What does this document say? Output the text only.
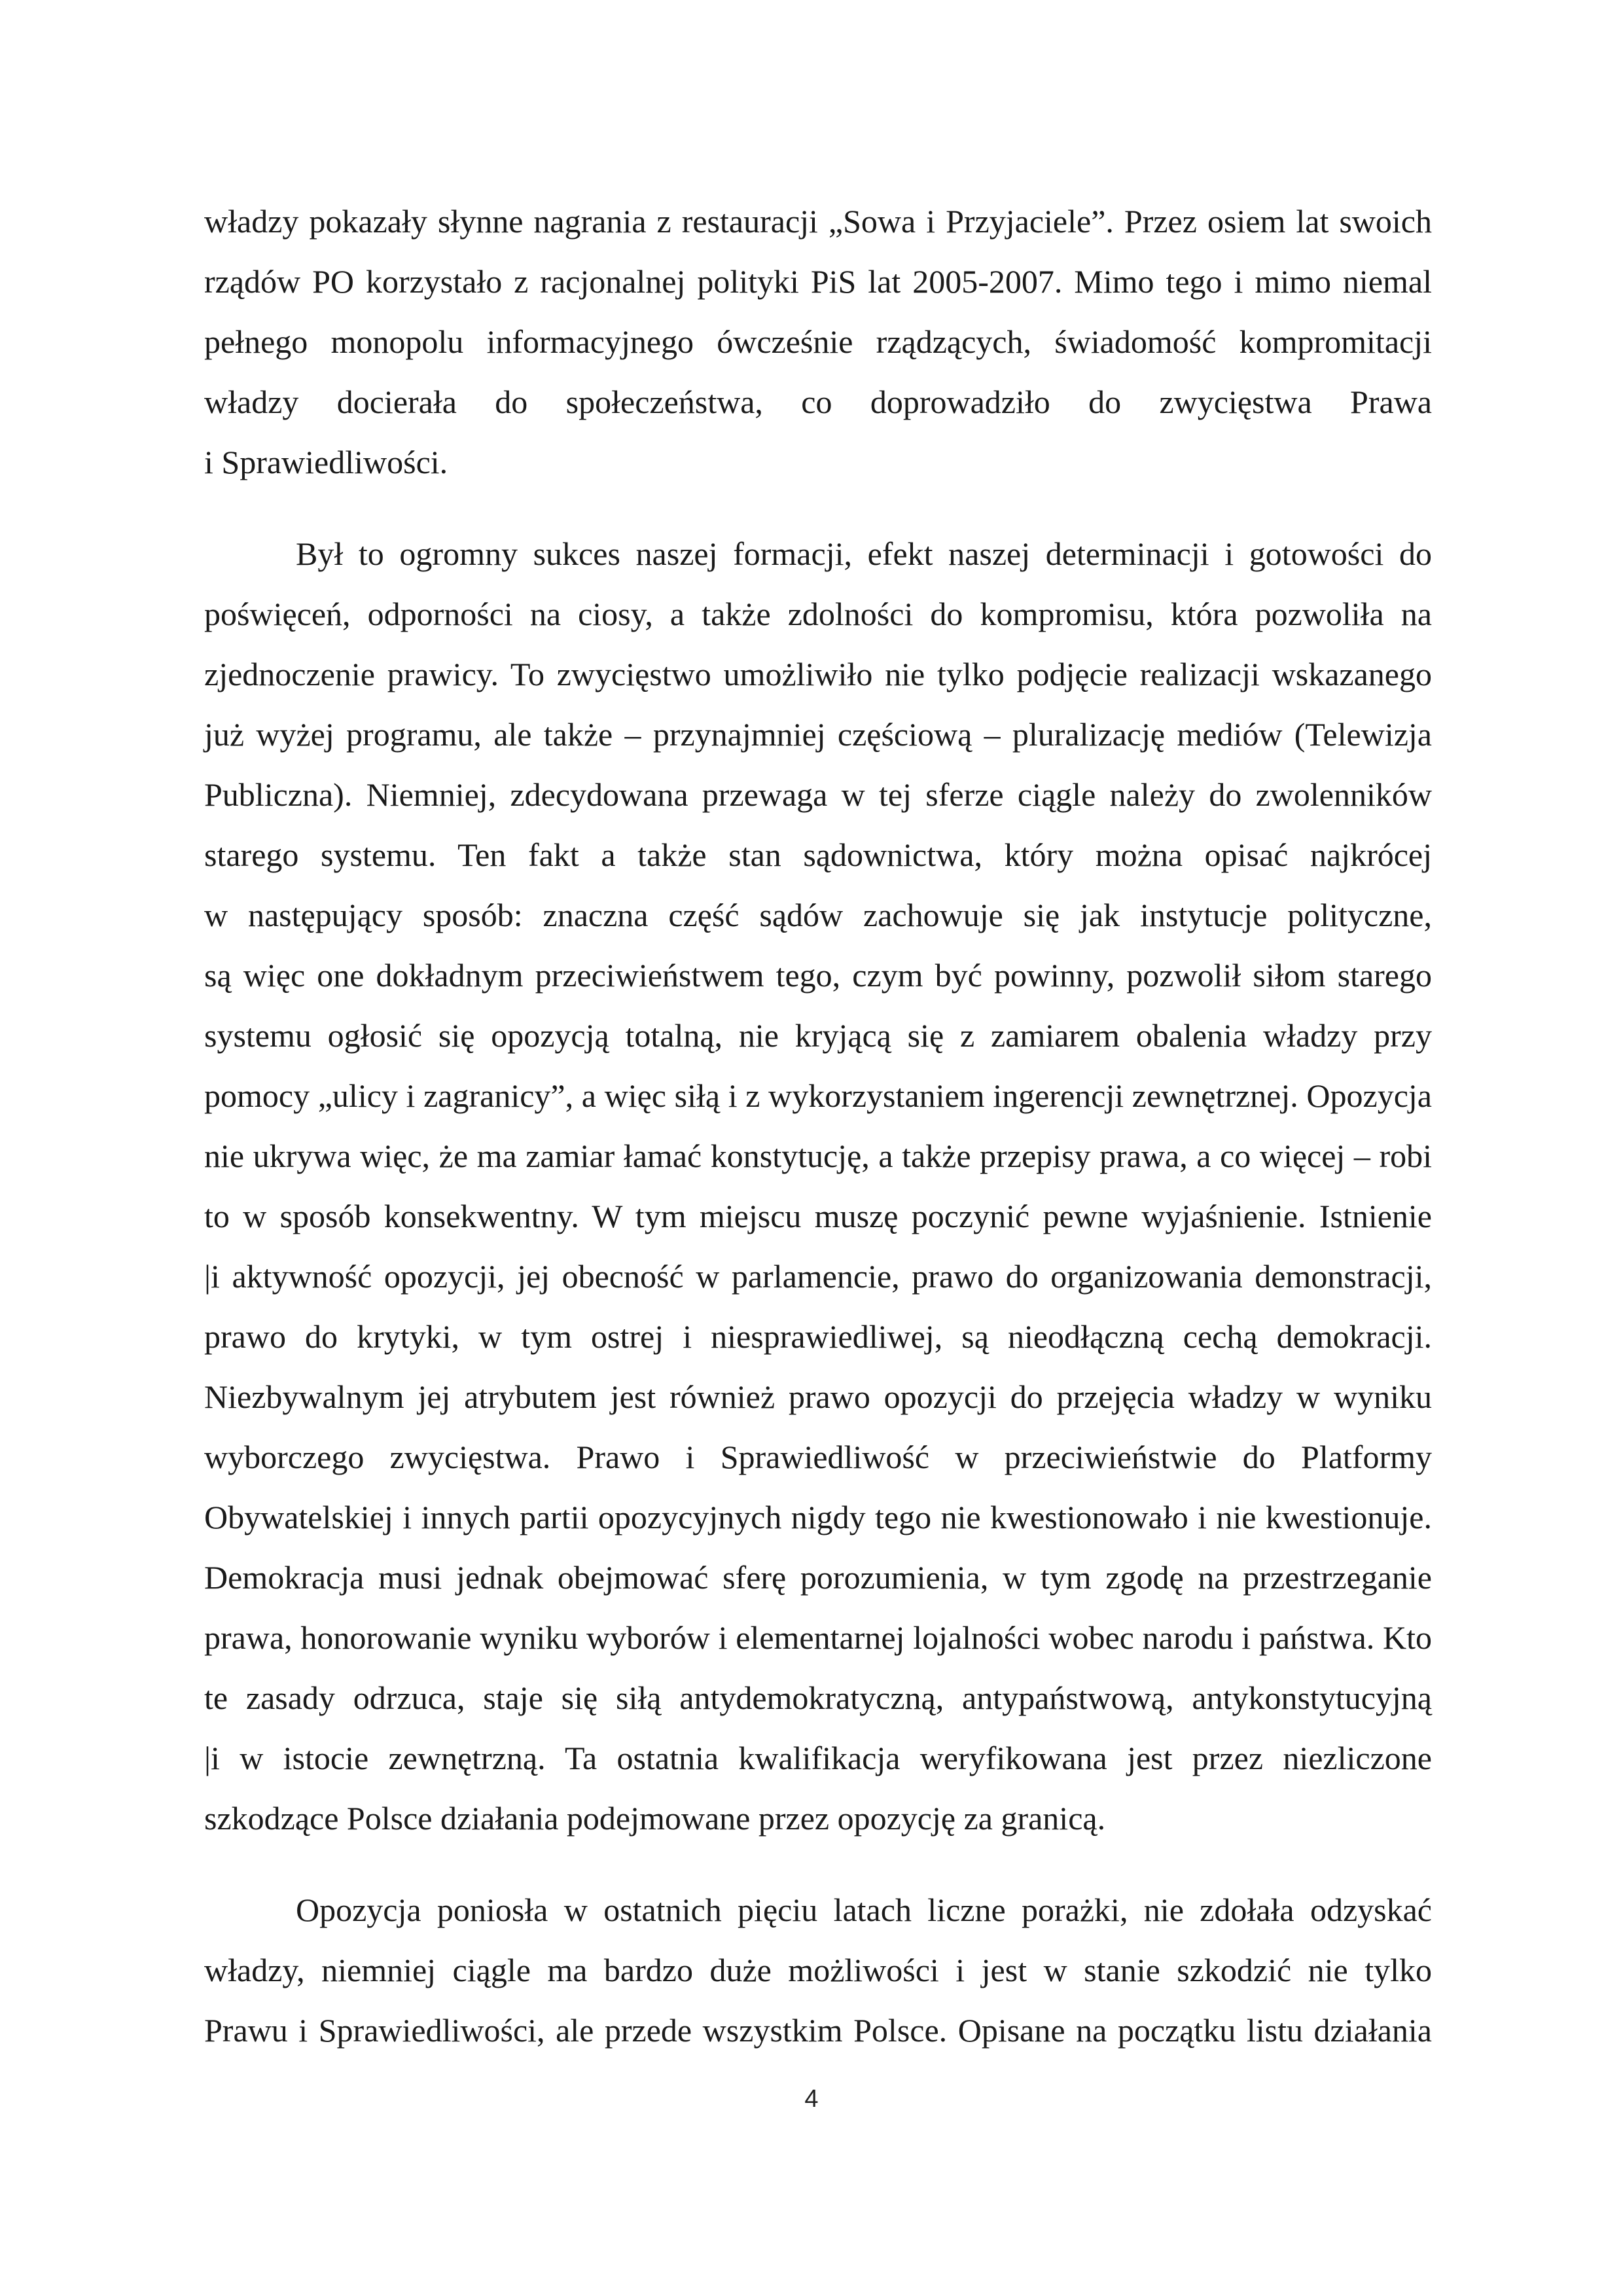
władzy pokazały słynne nagrania z restauracji „Sowa i Przyjaciele”. Przez osiem lat swoich
rządów PO korzystało z racjonalnej polityki PiS lat 2005-2007. Mimo tego i mimo niemal
pełnego monopolu informacyjnego ówcześnie rządzących, świadomość kompromitacji
władzy docierała do społeczeństwa, co doprowadziło do zwycięstwa Prawa
i Sprawiedliwości.
Był to ogromny sukces naszej formacji, efekt naszej determinacji i gotowości do
poświęceń, odporności na ciosy, a także zdolności do kompromisu, która pozwoliła na
zjednoczenie prawicy. To zwycięstwo umożliwiło nie tylko podjęcie realizacji wskazanego
już wyżej programu, ale także – przynajmniej częściową – pluralizację mediów (Telewizja
Publiczna). Niemniej, zdecydowana przewaga w tej sferze ciągle należy do zwolenników
starego systemu. Ten fakt a także stan sądownictwa, który można opisać najkrócej
w następujący sposób: znaczna część sądów zachowuje się jak instytucje polityczne,
są więc one dokładnym przeciwieństwem tego, czym być powinny, pozwolił siłom starego
systemu ogłosić się opozycją totalną, nie kryjącą się z zamiarem obalenia władzy przy
pomocy „ulicy i zagranicy”, a więc siłą i z wykorzystaniem ingerencji zewnętrznej. Opozycja
nie ukrywa więc, że ma zamiar łamać konstytucję, a także przepisy prawa, a co więcej – robi
to w sposób konsekwentny. W tym miejscu muszę poczynić pewne wyjaśnienie. Istnienie
|i aktywność opozycji, jej obecność w parlamencie, prawo do organizowania demonstracji,
prawo do krytyki, w tym ostrej i niesprawiedliwej, są nieodłączną cechą demokracji.
Niezbywalnym jej atrybutem jest również prawo opozycji do przejęcia władzy w wyniku
wyborczego zwycięstwa. Prawo i Sprawiedliwość w przeciwieństwie do Platformy
Obywatelskiej i innych partii opozycyjnych nigdy tego nie kwestionowało i nie kwestionuje.
Demokracja musi jednak obejmować sferę porozumienia, w tym zgodę na przestrzeganie
prawa, honorowanie wyniku wyborów i elementarnej lojalności wobec narodu i państwa. Kto
te zasady odrzuca, staje się siłą antydemokratyczną, antypaństwową, antykonstytucyjną
|i w istocie zewnętrzną. Ta ostatnia kwalifikacja weryfikowana jest przez niezliczone
szkodzące Polsce działania podejmowane przez opozycję za granicą.
Opozycja poniosła w ostatnich pięciu latach liczne porażki, nie zdołała odzyskać
władzy, niemniej ciągle ma bardzo duże możliwości i jest w stanie szkodzić nie tylko
Prawu i Sprawiedliwości, ale przede wszystkim Polsce. Opisane na początku listu działania
4
